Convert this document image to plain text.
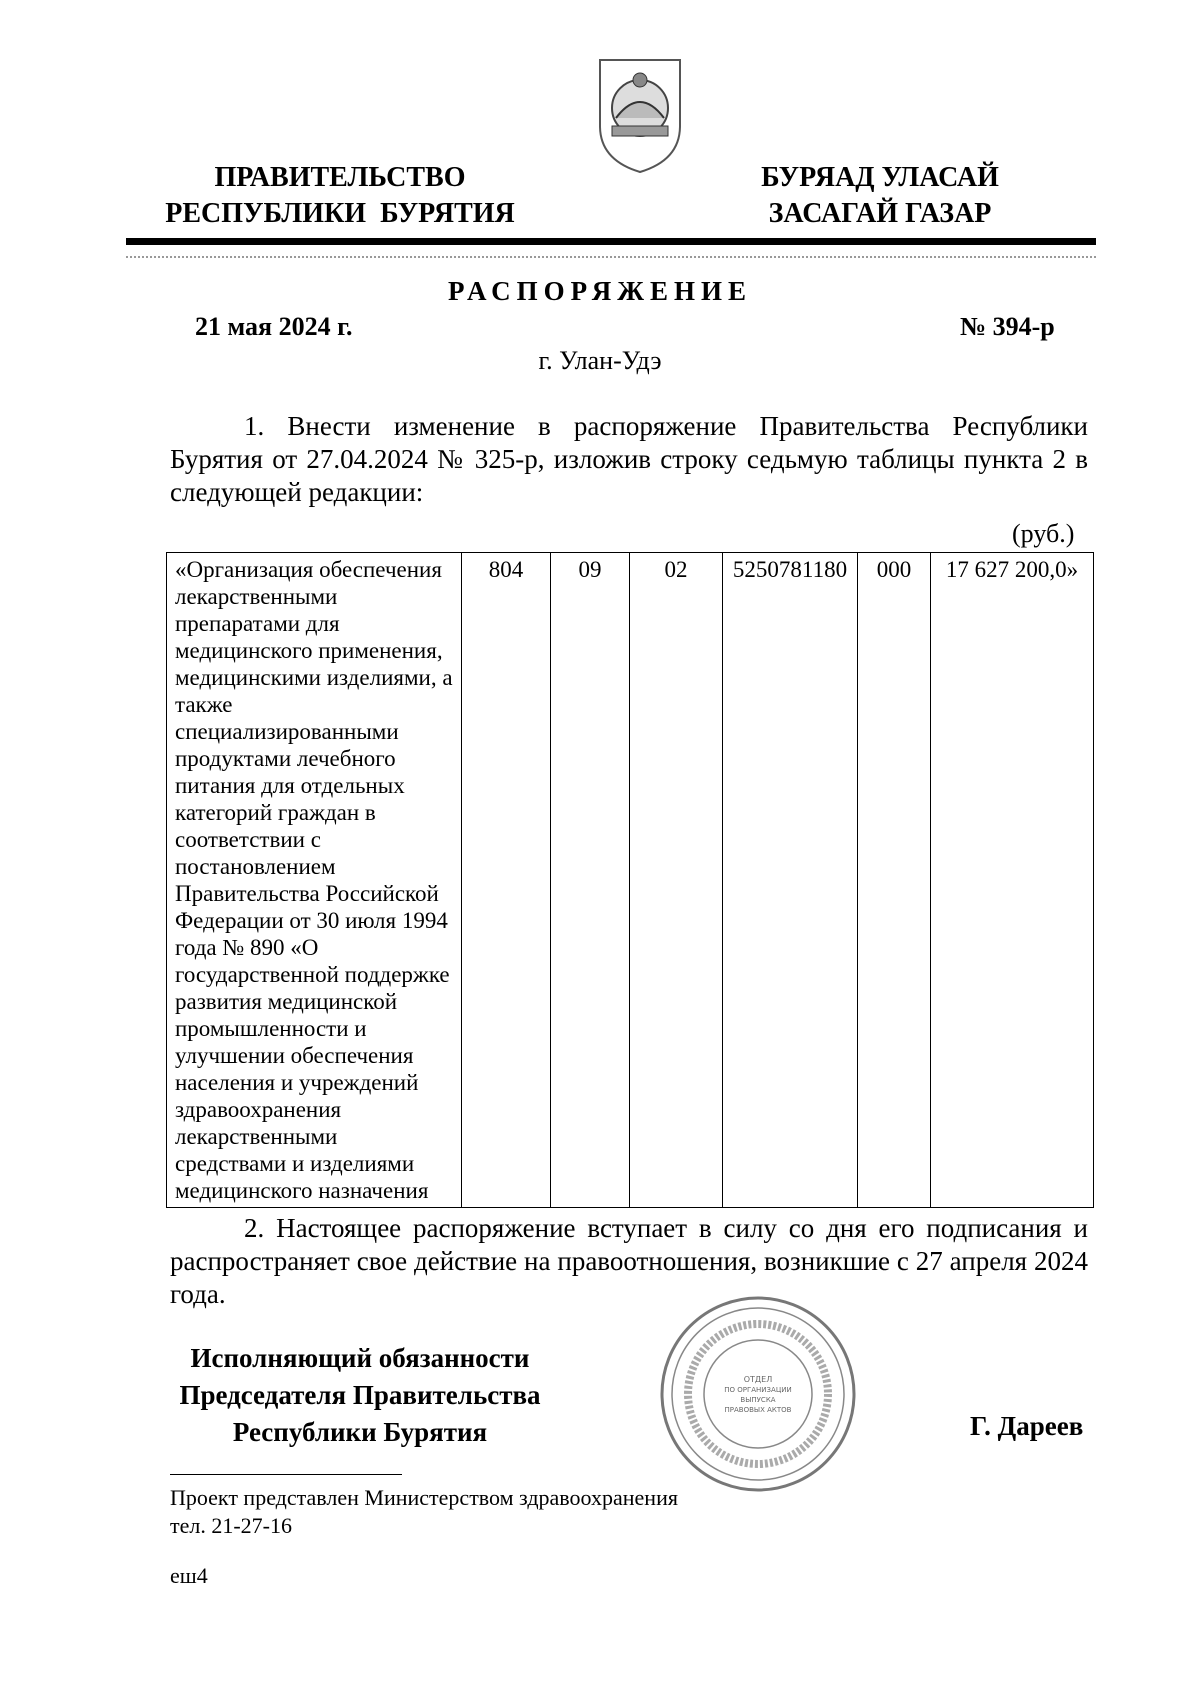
ПРАВИТЕЛЬСТВО
РЕСПУБЛИКИ  БУРЯТИЯ
БУРЯАД УЛАСАЙ
ЗАСАГАЙ ГАЗАР
РАСПОРЯЖЕНИЕ
21 мая 2024 г.	№ 394-р
г. Улан-Удэ
1. Внести изменение в распоряжение Правительства Республики Бурятия от 27.04.2024 № 325-р, изложив строку седьмую таблицы пункта 2 в следующей редакции:
(руб.)
«Организация обеспечения лекарственными препаратами для медицинского применения, медицинскими изделиями, а также специализированными продуктами лечебного питания для отдельных категорий граждан в соответствии с постановлением Правительства Российской Федерации от 30 июля 1994 года № 890 «О государственной поддержке развития медицинской промышленности и улучшении обеспечения населения и учреждений здравоохранения лекарственными средствами и изделиями медицинского назначения	804	09	02	5250781180	000	17 627 200,0»
2. Настоящее распоряжение вступает в силу со дня его подписания и распространяет свое действие на правоотношения, возникшие с 27 апреля 2024 года.
Исполняющий обязанности
Председателя Правительства
Республики Бурятия
ОТДЕЛ
ПО ОРГАНИЗАЦИИ
ВЫПУСКА
ПРАВОВЫХ АКТОВ
Г. Дареев
Проект представлен Министерством здравоохранения
тел. 21-27-16
еш4
